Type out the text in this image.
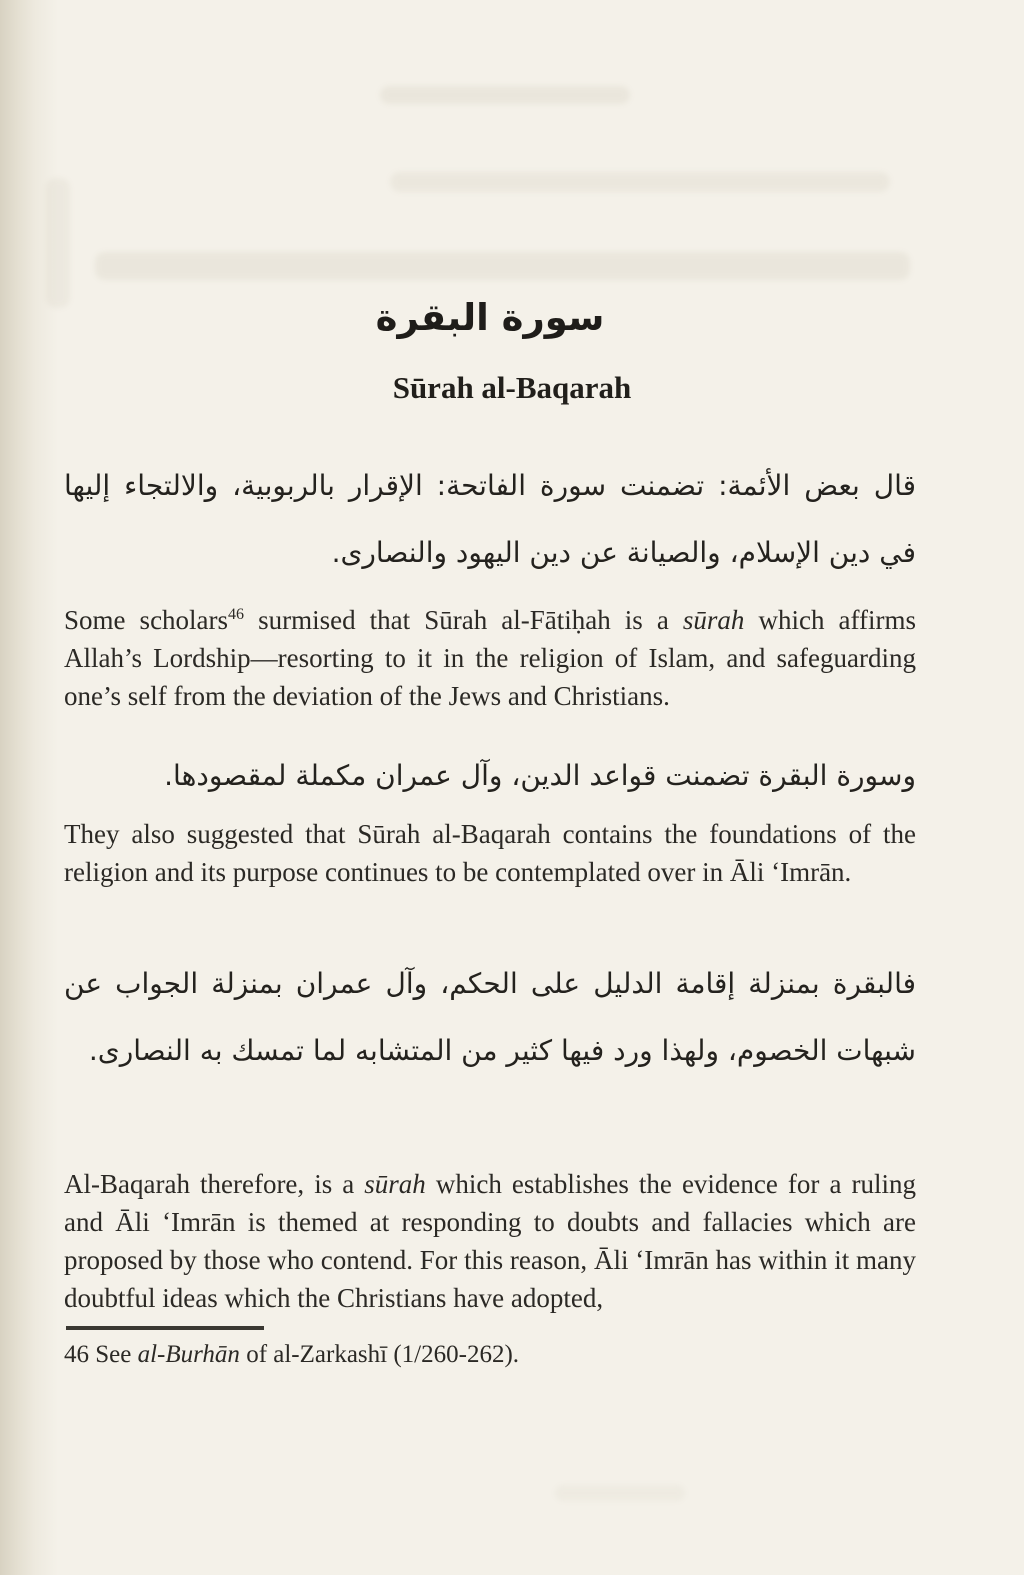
سورة البقرة
Sūrah al-Baqarah

قال بعض الأئمة: تضمنت سورة الفاتحة: الإقرار بالربوبية، والالتجاء إليها في دين الإسلام، والصيانة عن دين اليهود والنصارى.

Some scholars$^{46}$ surmised that Sūrah al-Fātiḥah is a sūrah which affirms Allah’s Lordship—resorting to it in the religion of Islam, and safeguarding one’s self from the deviation of the Jews and Christians.

وسورة البقرة تضمنت قواعد الدين، وآل عمران مكملة لمقصودها.

They also suggested that Sūrah al-Baqarah contains the foundations of the religion and its purpose continues to be contemplated over in Āli ‘Imrān.

فالبقرة بمنزلة إقامة الدليل على الحكم، وآل عمران بمنزلة الجواب عن شبهات الخصوم، ولهذا ورد فيها كثير من المتشابه لما تمسك به النصارى.

Al-Baqarah therefore, is a sūrah which establishes the evidence for a ruling and Āli ‘Imrān is themed at responding to doubts and fallacies which are proposed by those who contend. For this reason, Āli ‘Imrān has within it many doubtful ideas which the Christians have adopted,

46 See al-Burhān of al-Zarkashī (1/260-262).
